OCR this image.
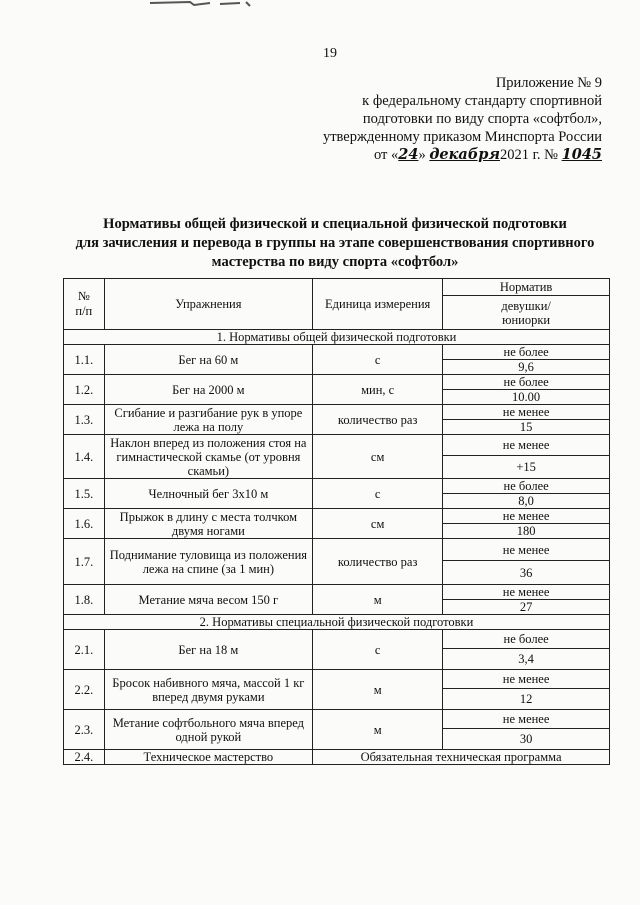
19
Приложение № 9
к федеральному стандарту спортивной
подготовки по виду спорта «софтбол»,
утвержденному приказом Минспорта России
от «24» декабря2021 г. № 1045
Нормативы общей физической и специальной физической подготовки
для зачисления и перевода в группы на этапе совершенствования спортивного
мастерства по виду спорта «софтбол»
№
п/п	Упражнения	Единица измерения	Норматив
			девушки/
юниорки
1. Нормативы общей физической подготовки			
1.1.	Бег на 60 м	с	не более
			9,6
1.2.	Бег на 2000 м	мин, с	не более
			10.00
1.3.	Сгибание и разгибание рук в упоре лежа на полу	количество раз	не менее
			15
1.4.	Наклон вперед из положения стоя на гимнастической скамье (от уровня скамьи)	см	не менее
			+15
1.5.	Челночный бег 3х10 м	с	не более
			8,0
1.6.	Прыжок в длину с места толчком двумя ногами	см	не менее
			180
1.7.	Поднимание туловища из положения лежа на спине (за 1 мин)	количество раз	не менее
			36
1.8.	Метание мяча весом 150 г	м	не менее
			27
2. Нормативы специальной физической подготовки			
2.1.	Бег на 18 м	с	не более
			3,4
2.2.	Бросок набивного мяча, массой 1 кг вперед двумя руками	м	не менее
			12
2.3.	Метание софтбольного мяча вперед одной рукой	м	не менее
			30
2.4.	Техническое мастерство	Обязательная техническая программа	
